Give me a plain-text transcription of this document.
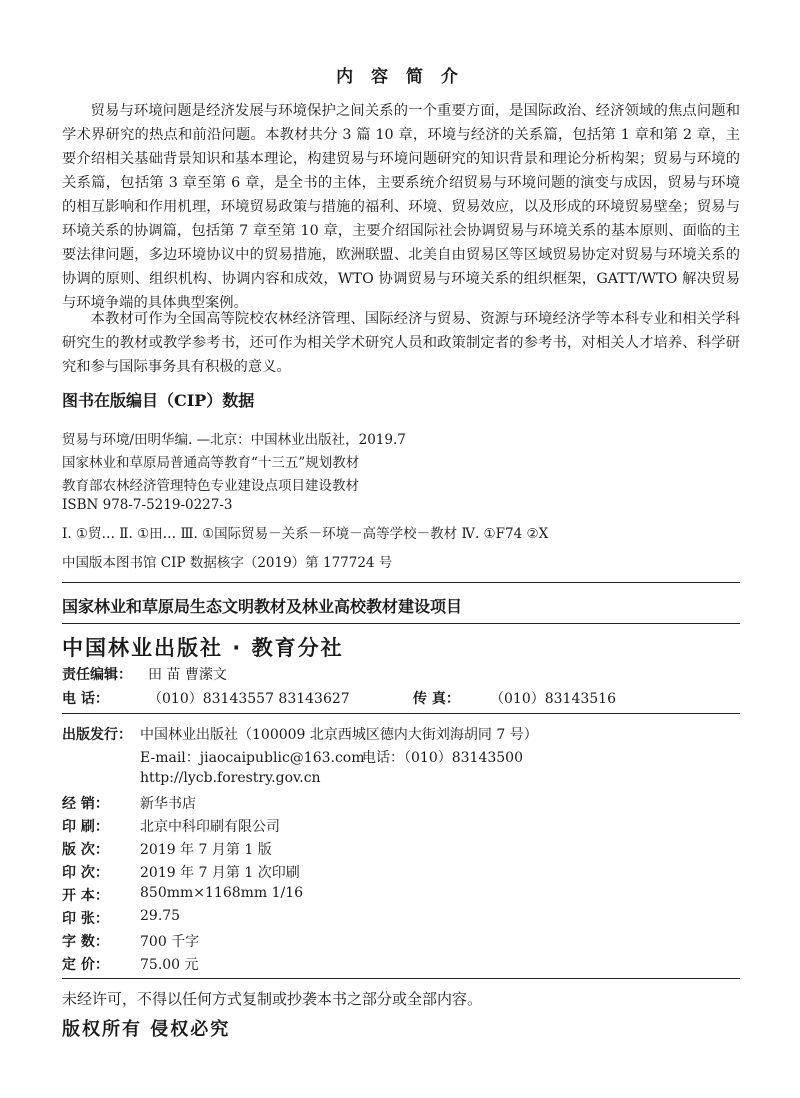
内 容 简 介

贸易与环境问题是经济发展与环境保护之间关系的一个重要方面，是国际政治、经济领域的焦点问题和学术界研究的热点和前沿问题。本教材共分 3 篇 10 章，环境与经济的关系篇，包括第 1 章和第 2 章，主要介绍相关基础背景知识和基本理论，构建贸易与环境问题研究的知识背景和理论分析构架；贸易与环境的关系篇，包括第 3 章至第 6 章，是全书的主体，主要系统介绍贸易与环境问题的演变与成因，贸易与环境的相互影响和作用机理，环境贸易政策与措施的福利、环境、贸易效应，以及形成的环境贸易壁垒；贸易与环境关系的协调篇，包括第 7 章至第 10 章，主要介绍国际社会协调贸易与环境关系的基本原则、面临的主要法律问题，多边环境协议中的贸易措施，欧洲联盟、北美自由贸易区等区域贸易协定对贸易与环境关系的协调的原则、组织机构、协调内容和成效，WTO 协调贸易与环境关系的组织框架，GATT/WTO 解决贸易与环境争端的具体典型案例。

本教材可作为全国高等院校农林经济管理、国际经济与贸易、资源与环境经济学等本科专业和相关学科研究生的教材或教学参考书，还可作为相关学术研究人员和政策制定者的参考书，对相关人才培养、科学研究和参与国际事务具有积极的意义。

图书在版编目（CIP）数据
贸易与环境/田明华编. —北京：中国林业出版社，2019.7
国家林业和草原局普通高等教育“十三五”规划教材
教育部农林经济管理特色专业建设点项目建设教材
ISBN 978-7-5219-0227-3
Ⅰ. ①贸… Ⅱ. ①田… Ⅲ. ①国际贸易－关系－环境－高等学校－教材 Ⅳ. ①F74 ②X
中国版本图书馆 CIP 数据核字（2019）第 177724 号
国家林业和草原局生态文明教材及林业高校教材建设项目
中国林业出版社 · 教育分社
责任编辑： 田 苗 曹潆文
电 话：	（010）83143557 83143627	传 真： （010）83143516
出版发行： 中国林业出版社（100009 北京西城区德内大街刘海胡同 7 号）
E-mail：jiaocaipublic@163.com
电话：（010）83143500
http://lycb.forestry.gov.cn
经 销： 新华书店
印 刷： 北京中科印刷有限公司
版 次： 2019 年 7 月第 1 版
印 次： 2019 年 7 月第 1 次印刷
开 本： 850mm×1168mm 1/16
印 张： 29.75
字 数： 700 千字
定 价： 75.00 元
未经许可，不得以任何方式复制或抄袭本书之部分或全部内容。
版权所有 侵权必究
